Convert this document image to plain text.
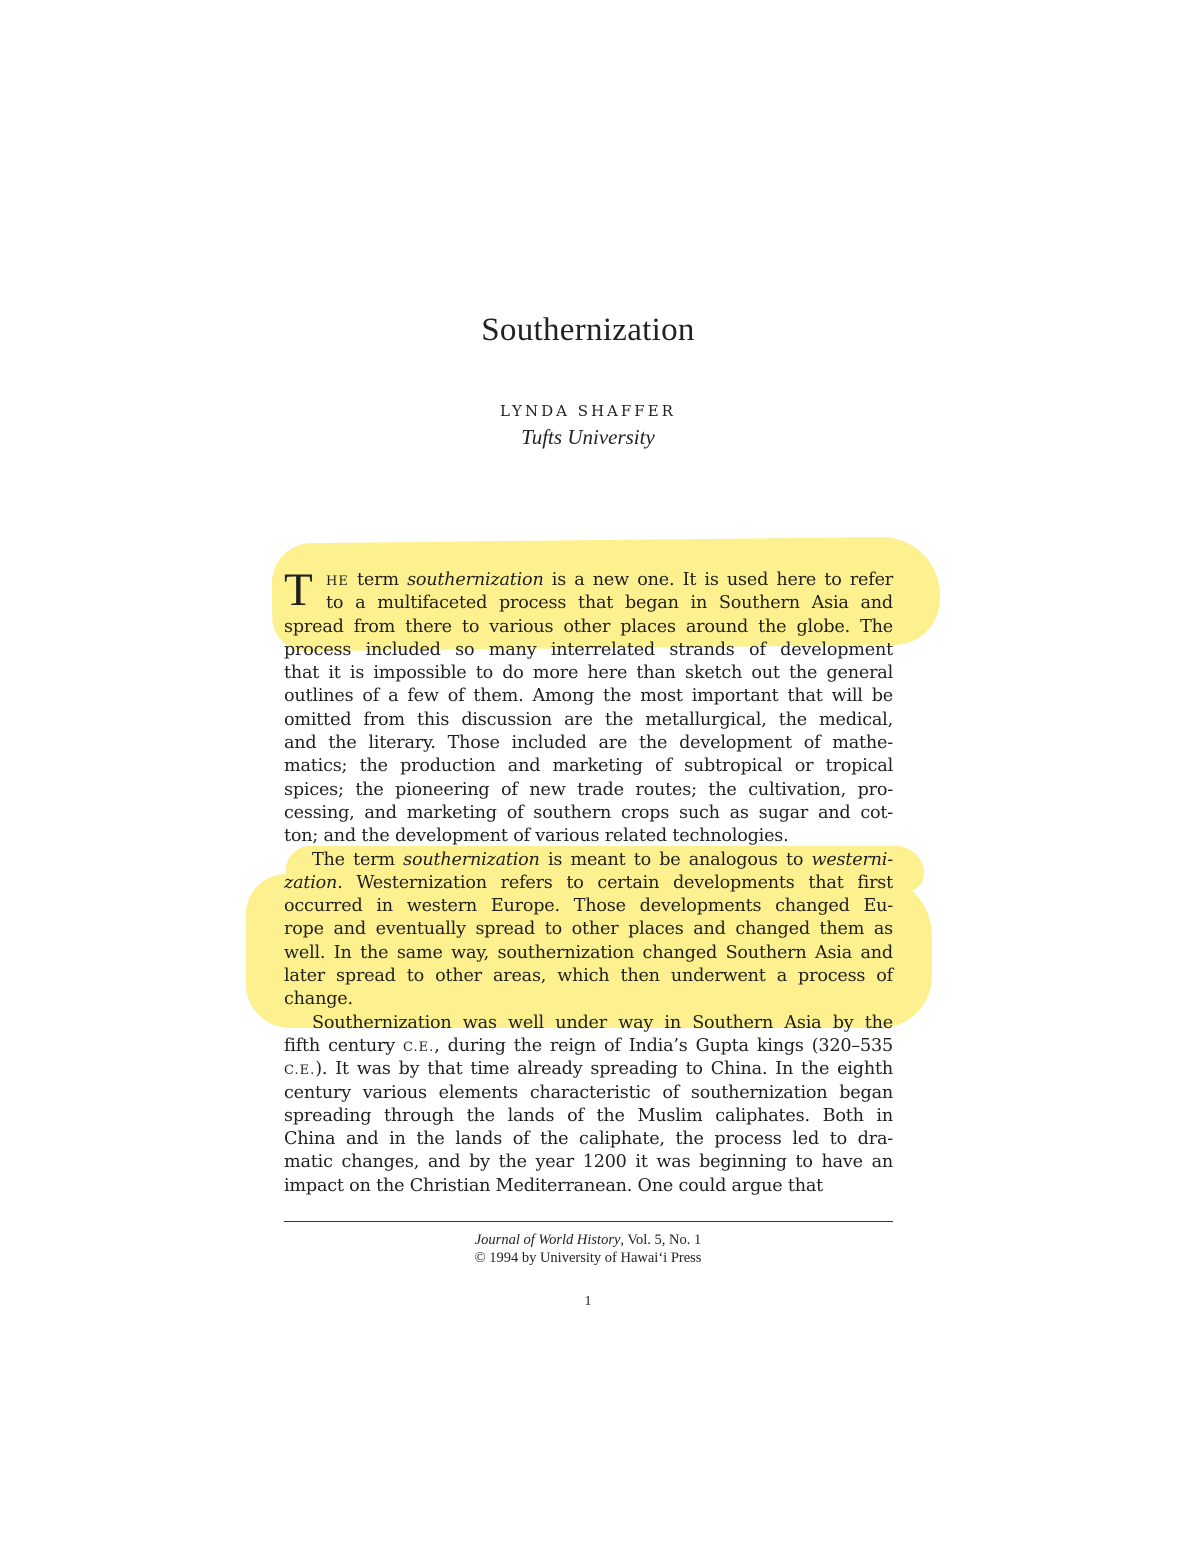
Southernization
LYNDA SHAFFER
Tufts University
T	HE term southernization is a new one. It is used here to refer
to a multifaceted process that began in Southern Asia and
spread from there to various other places around the globe. The
process included so many interrelated strands of development
that it is impossible to do more here than sketch out the general
outlines of a few of them. Among the most important that will be
omitted from this discussion are the metallurgical, the medical,
and the literary. Those included are the development of mathe-
matics; the production and marketing of subtropical or tropical
spices; the pioneering of new trade routes; the cultivation, pro-
cessing, and marketing of southern crops such as sugar and cot-
ton; and the development of various related technologies.
The term southernization is meant to be analogous to westerni-
zation. Westernization refers to certain developments that first
occurred in western Europe. Those developments changed Eu-
rope and eventually spread to other places and changed them as
well. In the same way, southernization changed Southern Asia and
later spread to other areas, which then underwent a process of
change.
Southernization was well under way in Southern Asia by the
fifth century C.E., during the reign of India’s Gupta kings (320–535
C.E.). It was by that time already spreading to China. In the eighth
century various elements characteristic of southernization began
spreading through the lands of the Muslim caliphates. Both in
China and in the lands of the caliphate, the process led to dra-
matic changes, and by the year 1200 it was beginning to have an
impact on the Christian Mediterranean. One could argue that
Journal of World History, Vol. 5, No. 1
© 1994 by University of Hawai‘i Press
1
